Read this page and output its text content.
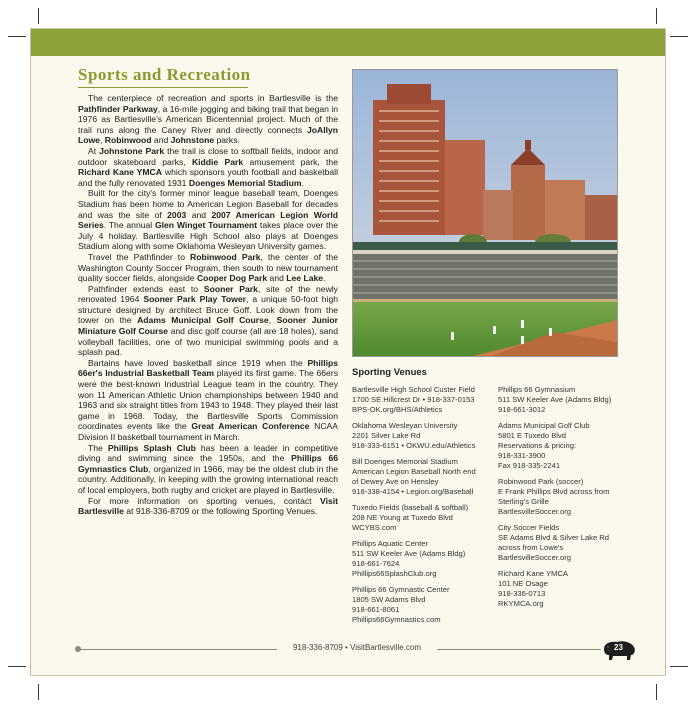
Sports and Recreation

The centerpiece of recreation and sports in Bartlesville is the Pathfinder Parkway, a 16-mile jogging and biking trail that began in 1976 as Bartlesville's American Bicentennial project. Much of the trail runs along the Caney River and directly connects JoAllyn Lowe, Robinwood and Johnstone parks.

At Johnstone Park the trail is close to softball fields, indoor and outdoor skateboard parks, Kiddie Park amusement park, the Richard Kane YMCA which sponsors youth football and basketball and the fully renovated 1931 Doenges Memorial Stadium.

Built for the city's former minor league baseball team, Doenges Stadium has been home to American Legion Baseball for decades and was the site of 2003 and 2007 American Legion World Series. The annual Glen Winget Tournament takes place over the July 4 holiday. Bartlesville High School also plays at Doenges Stadium along with some Oklahoma Wesleyan University games.

Travel the Pathfinder to Robinwood Park, the center of the Washington County Soccer Program, then south to new tournament quality soccer fields, alongside Cooper Dog Park and Lee Lake.

Pathfinder extends east to Sooner Park, site of the newly renovated 1964 Sooner Park Play Tower, a unique 50-foot high structure designed by architect Bruce Goff. Look down from the tower on the Adams Municipal Golf Course, Sooner Junior Miniature Golf Course and disc golf course (all are 18 holes), sand volleyball facilities, one of two municipal swimming pools and a splash pad.

Bartains have loved basketball since 1919 when the Phillips 66er's Industrial Basketball Team played its first game. The 66ers were the best-known Industrial League team in the country. They won 11 American Athletic Union championships between 1940 and 1963 and six straight titles from 1943 to 1948. They played their last game in 1968. Today, the Bartlesville Sports Commission coordinates events like the Great American Conference NCAA Division II basketball tournament in March.

The Phillips Splash Club has been a leader in competitive diving and swimming since the 1950s, and the Phillips 66 Gymnastics Club, organized in 1966, may be the oldest club in the country. Additionally, in keeping with the growing international reach of local employers, both rugby and cricket are played in Bartlesville.

For more information on sporting venues, contact Visit Bartlesville at 918-336-8709 or the following Sporting Venues.

Sporting Venues
Bartlesville High School Custer Field
1700 SE Hillcrest Dr • 918-337-0153
BPS-OK.org/BHS/Athletics
Oklahoma Wesleyan University
2201 Silver Lake Rd
918-333-6151 • OKWU.edu/Athletics
Bill Doenges Memorial Stadium
American Legion Baseball North end
of Dewey Ave on Hensley
918-338-4154 • Legion.org/Baseball
Tuxedo Fields (baseball & softball)
208 NE Young at Tuxedo Blvd
WCYBS.com
Phillips Aquatic Center
511 SW Keeler Ave (Adams Bldg)
918-661-7624
Phillips66SplashClub.org
Phillips 66 Gymnastic Center
1805 SW Adams Blvd
918-661-8061
Phillips66Gymnastics.com
Phillips 66 Gymnasium
511 SW Keeler Ave (Adams Bldg)
918-661-3012
Adams Municipal Golf Club
5801 E Tuxedo Blvd
Reservations & pricing:
918-331-3900
Fax 918-335-2241
Robinwood Park (soccer)
E Frank Phillips Blvd across from
Sterling's Grille
BartlesvilleSoccer.org
City Soccer Fields
SE Adams Blvd & Silver Lake Rd
across from Lowe's
BartlesvilleSoccer.org
Richard Kane YMCA
101 NE Osage
918-336-0713
RKYMCA.org
918-336-8709 • VisitBartlesville.com	23
